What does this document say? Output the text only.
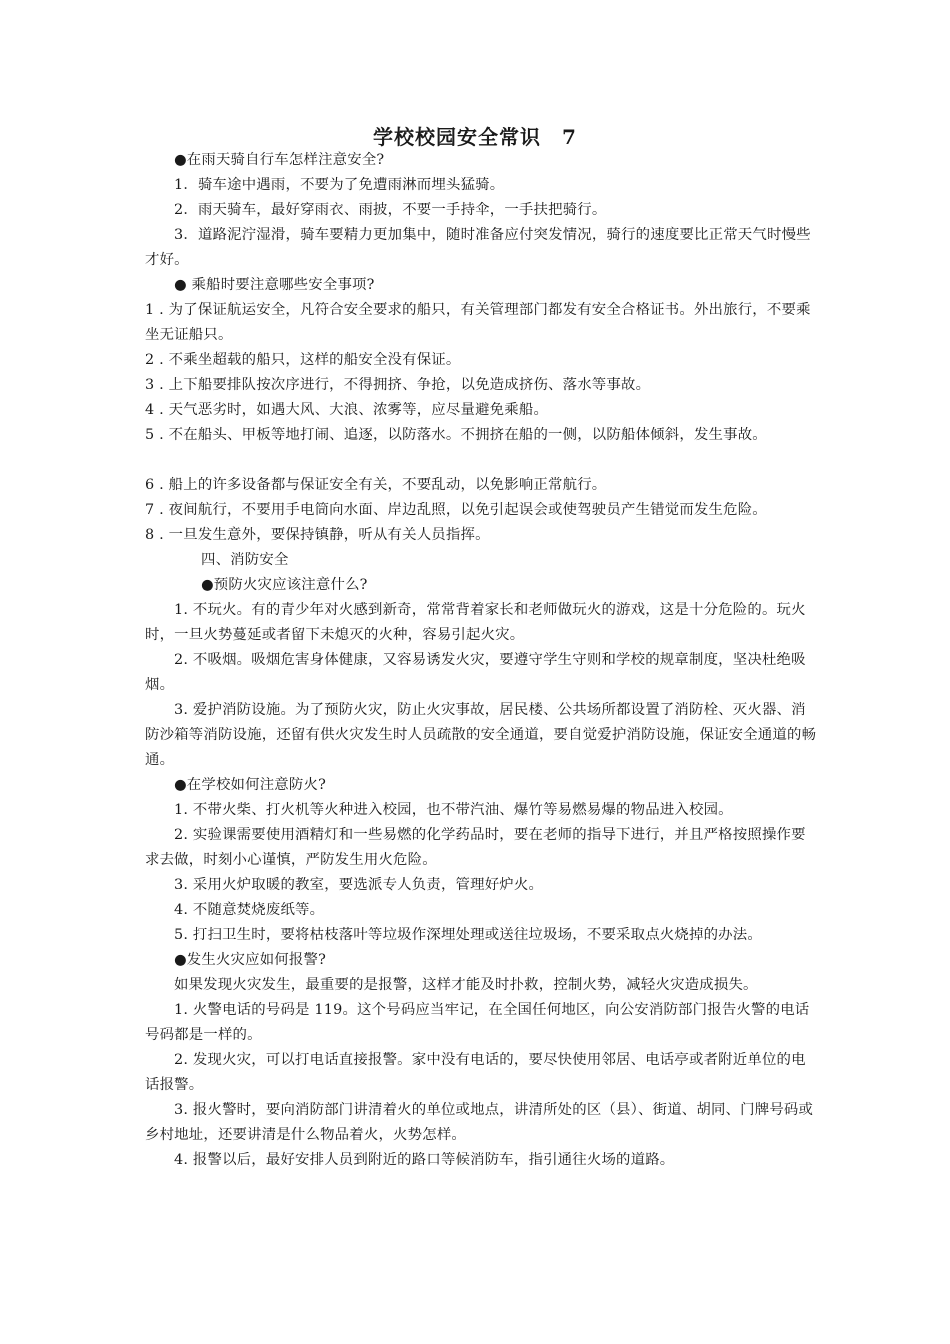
学校校园安全常识　7

●在雨天骑自行车怎样注意安全?

1．骑车途中遇雨，不要为了免遭雨淋而埋头猛骑。

2．雨天骑车，最好穿雨衣、雨披，不要一手持伞，一手扶把骑行。

3．道路泥泞湿滑，骑车要精力更加集中，随时准备应付突发情况，骑行的速度要比正常天气时慢些才好。

● 乘船时要注意哪些安全事项?

1 . 为了保证航运安全，凡符合安全要求的船只，有关管理部门都发有安全合格证书。外出旅行，不要乘坐无证船只。

2 . 不乘坐超载的船只，这样的船安全没有保证。

3 . 上下船要排队按次序进行，不得拥挤、争抢，以免造成挤伤、落水等事故。

4 . 天气恶劣时，如遇大风、大浪、浓雾等，应尽量避免乘船。

5 . 不在船头、甲板等地打闹、追逐，以防落水。不拥挤在船的一侧，以防船体倾斜，发生事故。

6 . 船上的许多设备都与保证安全有关，不要乱动，以免影响正常航行。

7 . 夜间航行，不要用手电筒向水面、岸边乱照，以免引起误会或使驾驶员产生错觉而发生危险。

8 . 一旦发生意外，要保持镇静，听从有关人员指挥。

四、消防安全

●预防火灾应该注意什么?

1. 不玩火。有的青少年对火感到新奇，常常背着家长和老师做玩火的游戏，这是十分危险的。玩火时，一旦火势蔓延或者留下未熄灭的火种，容易引起火灾。

2. 不吸烟。吸烟危害身体健康，又容易诱发火灾，要遵守学生守则和学校的规章制度，坚决杜绝吸烟。

3. 爱护消防设施。为了预防火灾，防止火灾事故，居民楼、公共场所都设置了消防栓、灭火器、消防沙箱等消防设施，还留有供火灾发生时人员疏散的安全通道，要自觉爱护消防设施，保证安全通道的畅通。

●在学校如何注意防火?

1. 不带火柴、打火机等火种进入校园，也不带汽油、爆竹等易燃易爆的物品进入校园。

2. 实验课需要使用酒精灯和一些易燃的化学药品时，要在老师的指导下进行，并且严格按照操作要求去做，时刻小心谨慎，严防发生用火危险。

3. 采用火炉取暖的教室，要选派专人负责，管理好炉火。

4. 不随意焚烧废纸等。

5. 打扫卫生时，要将枯枝落叶等垃圾作深埋处理或送往垃圾场，不要采取点火烧掉的办法。

●发生火灾应如何报警?

如果发现火灾发生，最重要的是报警，这样才能及时扑救，控制火势，减轻火灾造成损失。

1. 火警电话的号码是 119。这个号码应当牢记，在全国任何地区，向公安消防部门报告火警的电话号码都是一样的。

2. 发现火灾，可以打电话直接报警。家中没有电话的，要尽快使用邻居、电话亭或者附近单位的电话报警。

3. 报火警时，要向消防部门讲清着火的单位或地点，讲清所处的区（县）、街道、胡同、门牌号码或乡村地址，还要讲清是什么物品着火，火势怎样。

4. 报警以后，最好安排人员到附近的路口等候消防车，指引通往火场的道路。
